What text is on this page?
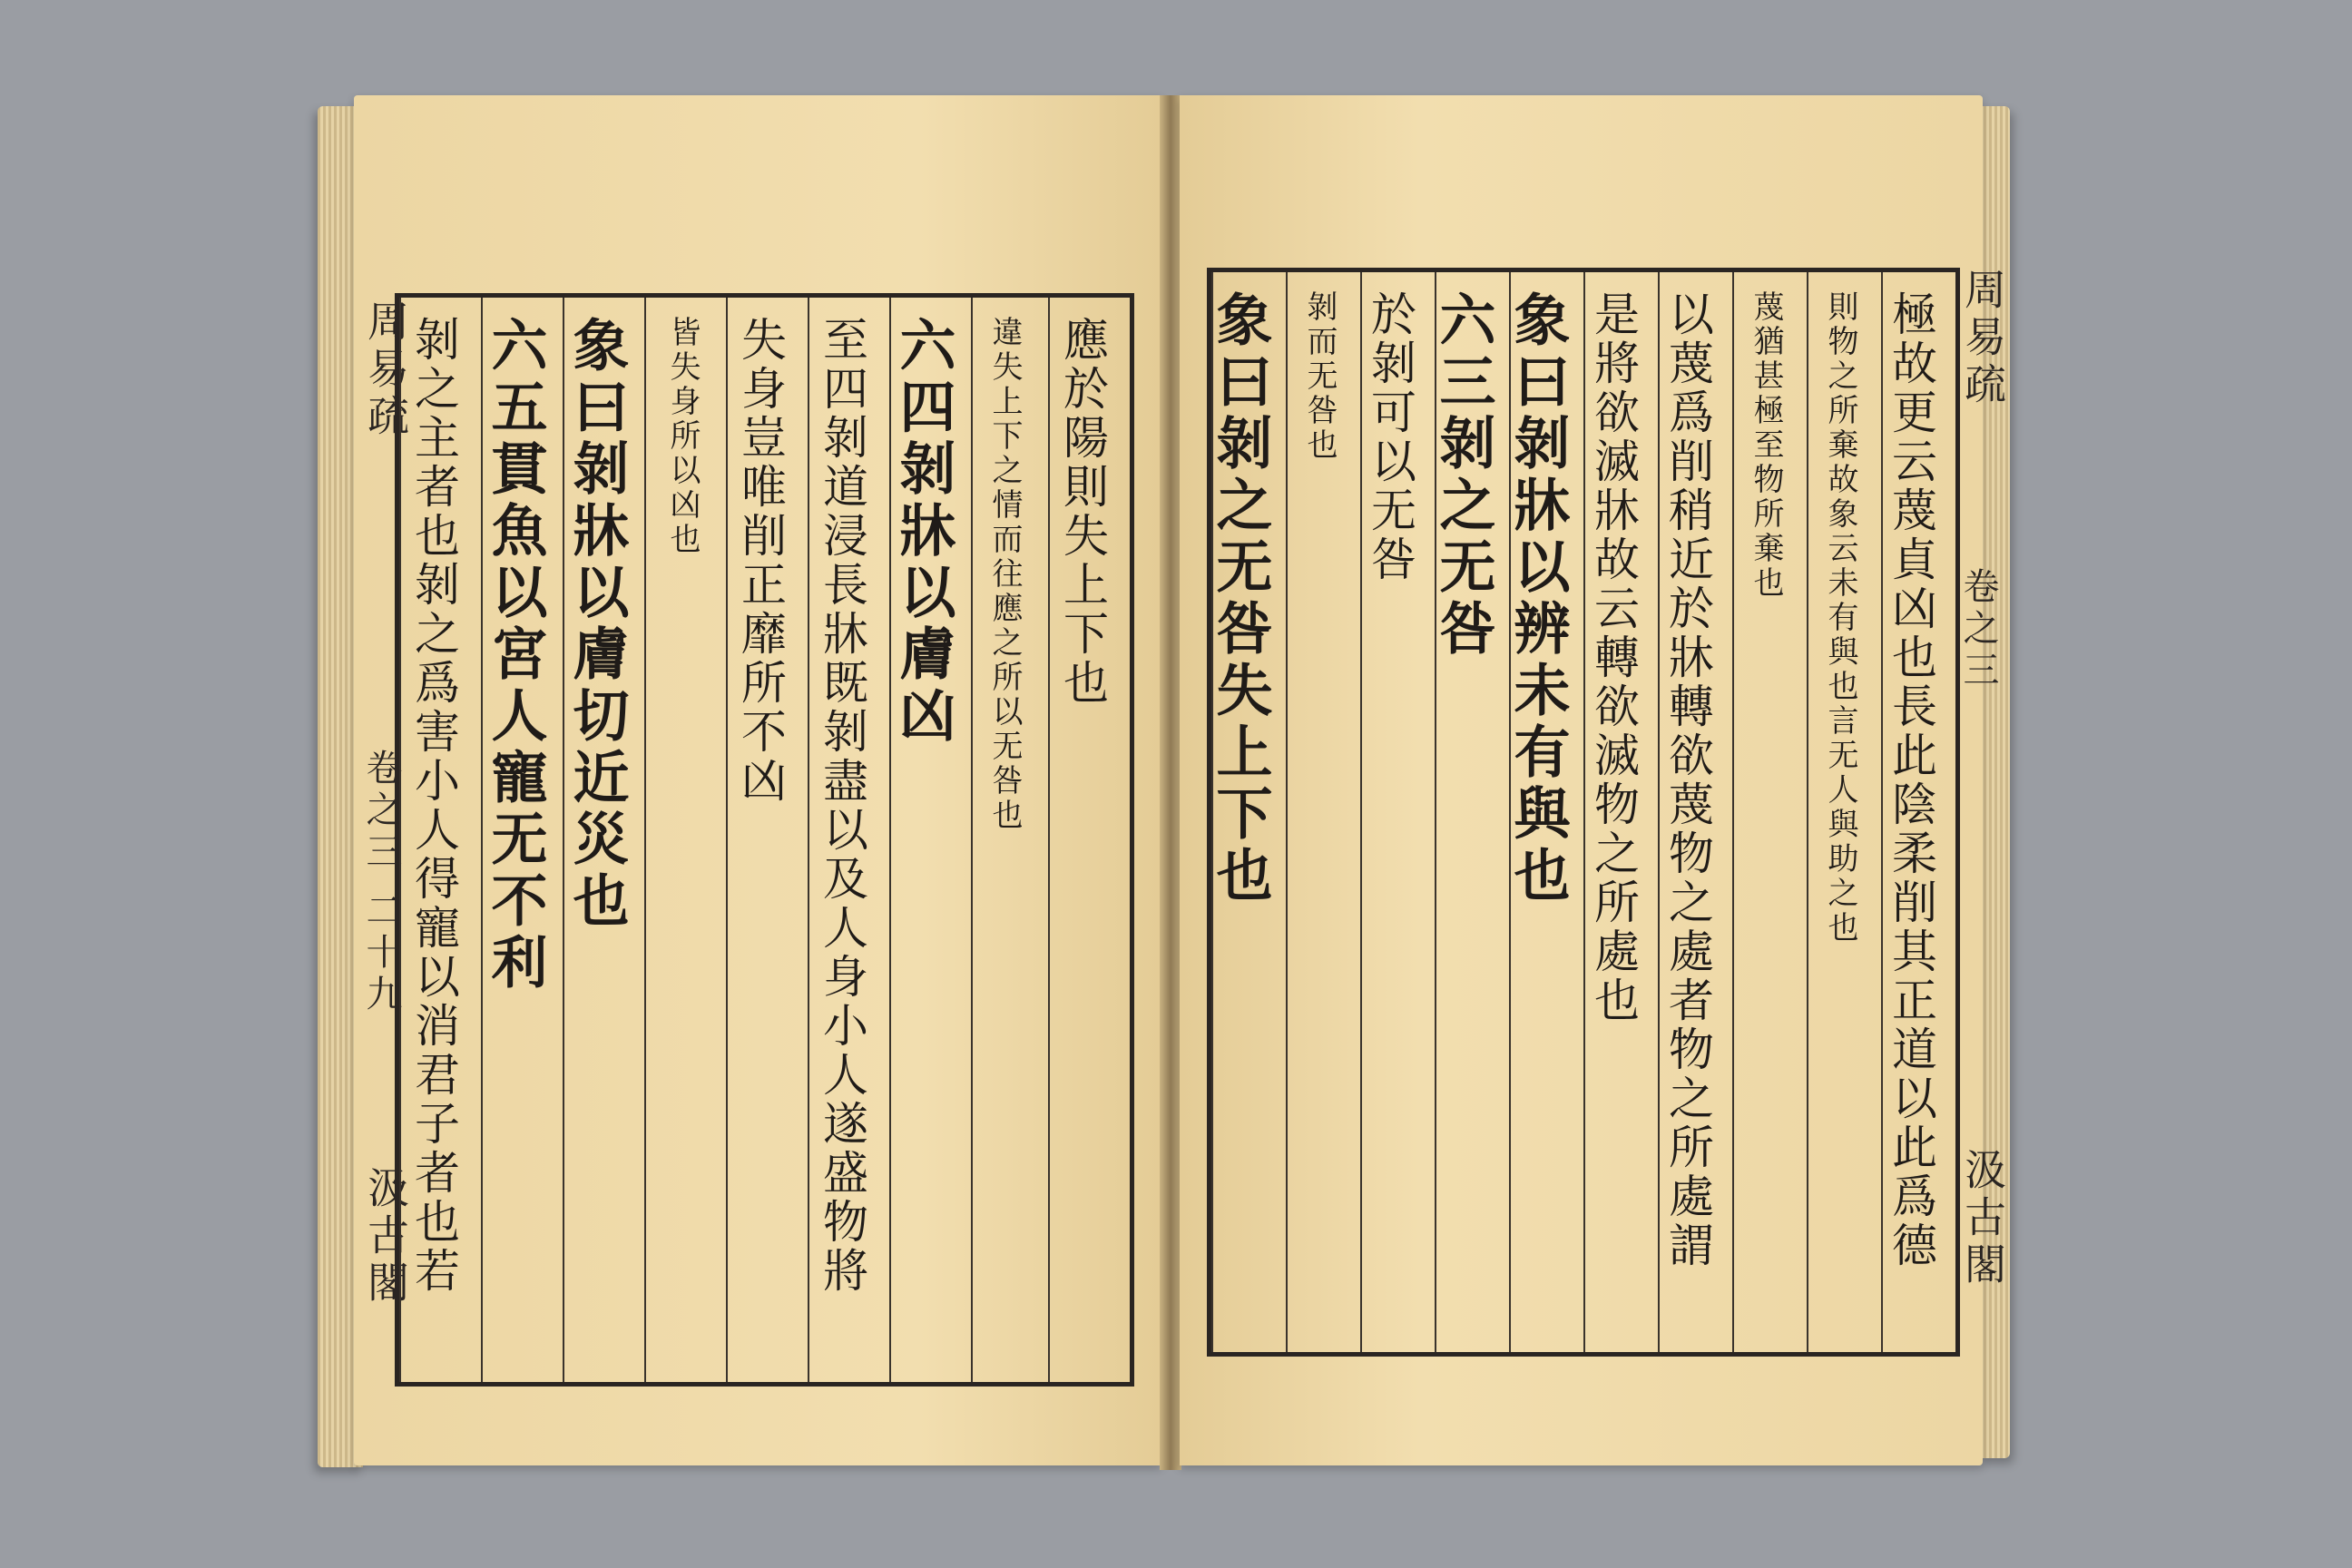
周易疏
卷之三 二十九
汲古閣
剝之主者也剝之爲害小人得寵以消君子者也若 六五貫魚以宮人寵无不利 象曰剝牀以膚切近災也 皆失身所以凶也 失身豈唯削正靡所不凶 至四剝道浸長牀既剝盡以及人身小人遂盛物將 六四剝牀以膚凶 違失上下之情而往應之所以无咎也 應於陽則失上下也 象曰剝之无咎失上下也 剝而无咎也 於剝可以无咎 六三剝之无咎 象曰剝牀以辨未有與也 是將欲滅牀故云轉欲滅物之所處也 以蔑爲削稍近於牀轉欲蔑物之處者物之所處謂 蔑猶甚極至物所棄也 則物之所棄故象云未有與也言无人與助之也 極故更云蔑貞凶也長此陰柔削其正道以此爲德 周易疏
卷之三
汲古閣
